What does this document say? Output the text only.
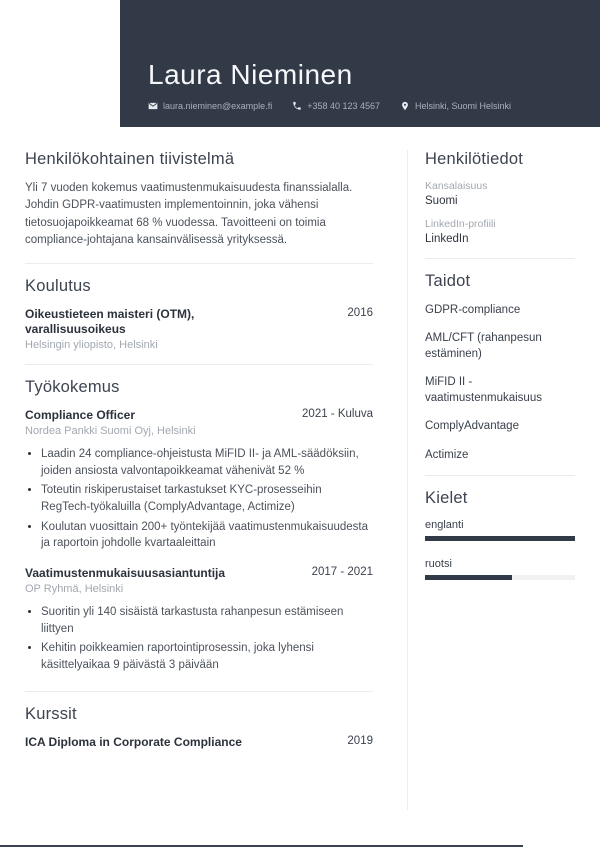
Laura Nieminen
laura.nieminen@example.fi	+358 40 123 4567	Helsinki, Suomi Helsinki
Henkilökohtainen tiivistelmä

Yli 7 vuoden kokemus vaatimustenmukaisuudesta finanssialalla. Johdin GDPR-vaatimusten implementoinnin, joka vähensi tietosuojapoikkeamat 68 % vuodessa. Tavoitteeni on toimia compliance-johtajana kansainvälisessä yrityksessä.

Koulutus
Oikeustieteen maisteri (OTM), varallisuusoikeus
2016
Helsingin yliopisto, Helsinki
Työkokemus
Compliance Officer	2021 - Kuluva
Nordea Pankki Suomi Oyj, Helsinki
• Laadin 24 compliance-ohjeistusta MiFID II- ja AML-säädöksiin, joiden ansiosta valvontapoikkeamat vähenivät 52 %
• Toteutin riskiperustaiset tarkastukset KYC-prosesseihin RegTech-työkaluilla (ComplyAdvantage, Actimize)
• Koulutan vuosittain 200+ työntekijää vaatimustenmukaisuudesta ja raportoin johdolle kvartaaleittain
Vaatimustenmukaisuusasiantuntija	2017 - 2021
OP Ryhmä, Helsinki
• Suoritin yli 140 sisäistä tarkastusta rahanpesun estämiseen liittyen
• Kehitin poikkeamien raportointiprosessin, joka lyhensi käsittelyaikaa 9 päivästä 3 päivään
Kurssit
ICA Diploma in Corporate Compliance	2019
Henkilötiedot
Kansalaisuus
Suomi
LinkedIn-profiili
LinkedIn
Taidot
GDPR-compliance
AML/CFT (rahanpesun estäminen)
MiFID II - vaatimustenmukaisuus
ComplyAdvantage
Actimize
Kielet
englanti
ruotsi
